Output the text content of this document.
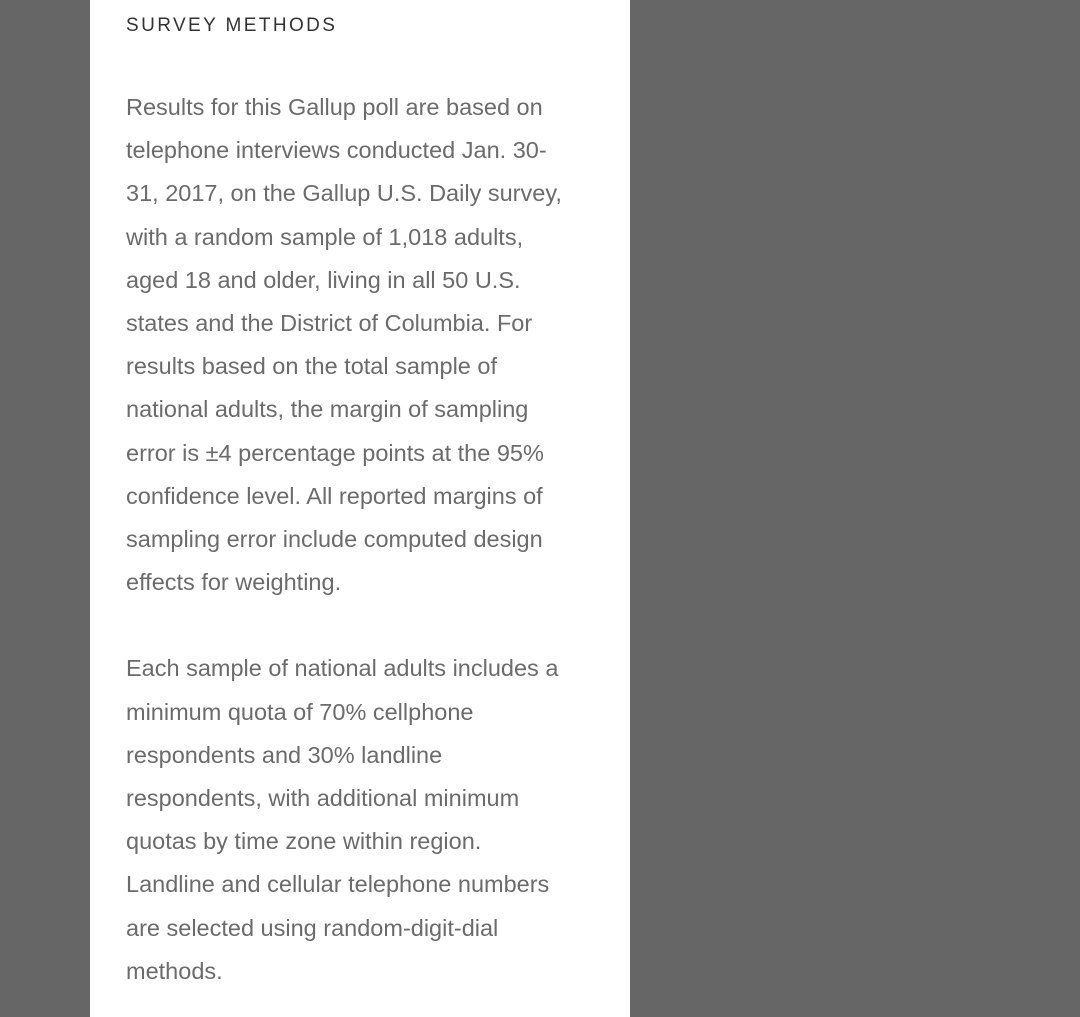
SURVEY METHODS

Results for this Gallup poll are based on
telephone interviews conducted Jan. 30-
31, 2017, on the Gallup U.S. Daily survey,
with a random sample of 1,018 adults,
aged 18 and older, living in all 50 U.S.
states and the District of Columbia. For
results based on the total sample of
national adults, the margin of sampling
error is ±4 percentage points at the 95%
confidence level. All reported margins of
sampling error include computed design
effects for weighting.

Each sample of national adults includes a
minimum quota of 70% cellphone
respondents and 30% landline
respondents, with additional minimum
quotas by time zone within region.
Landline and cellular telephone numbers
are selected using random-digit-dial
methods.
